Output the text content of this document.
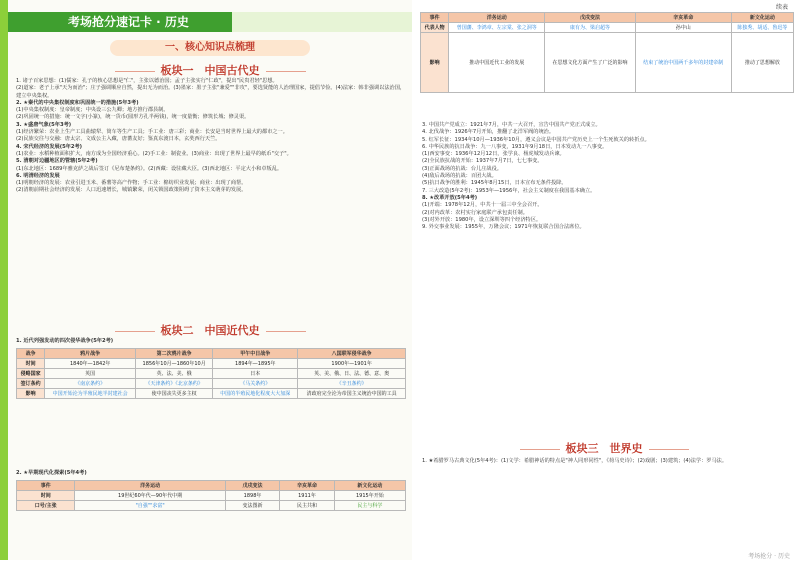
考场抢分速记卡 · 历史
一、核心知识点梳理
板块一　中国古代史
1. 诸子百家思想：(1)儒家：孔子的核心思想是"仁"，主张以德治国；孟子主张实行"仁政"，提出"民贵君轻"思想。
(2)道家：老子上承"天为而治"；庄子强调顺应自然，提出无为而治。(3)墨家：墨子主张"兼爱""非攻"，要选贤能的人治理国家，提倡节俭。(4)法家：韩非强调以法治国，建立中央集权。
2. ★秦代的中央集权制度和巩固统一的措施(5年3考)
(1)中央集权制度：皇帝制度；中央设三公九卿；地方推行郡县制。
(2)巩固统一的措施：统一文字(小篆)，统一货币(圆形方孔半两钱)，统一度量衡；修筑长城；修灵渠。
3. ★盛唐气象(5年3考)
(1)经济繁荣：农业上生产工具曲辕犁、筒车等生产工具；手工业：唐三彩；商业：长安是当时世界上最大的都市之一。
(2)民族交往与交融：唐太宗、文成公主入藏，唐蕃友好；鉴真东渡日本，玄奘西行天竺。
4. 宋代经济的发展(5年2考)
(1)农业：水稻种植面积扩大，南方成为全国经济重心。(2)手工业：制瓷业。(3)商业：出现了世界上最早的纸币"交子"。
5. 清朝对边疆地区的管辖(5年2考)
(1)东北地区：1689年雅克萨之战后签订《尼布楚条约》。(2)西藏：设驻藏大臣。(3)西北地区：平定大小和卓叛乱。
6. 明清经济的发展
(1)明朝经济的发展：农业引进玉米、番薯等高产作物；手工业：棉纺织业发展；商业：出现了商帮。
(2)清朝前期社会经济的发展：人口迅速增长，城镇繁荣，闭关锁国政策阻碍了资本主义萌芽的发展。
板块二　中国近代史
1. 近代列强发动的四次侵华战争(5年2考)
战争	鸦片战争	第二次鸦片战争	甲午中日战争	八国联军侵华战争
时间	1840年—1842年	1856年10月—1860年10月	1894年—1895年	1900年—1901年
侵略国家	英国	英、法、美、俄	日本	英、美、俄、日、法、德、意、奥
签订条约	《南京条约》	《天津条约》《北京条约》	《马关条约》	《辛丑条约》
影响	中国开始沦为半殖民地半封建社会	使中国丧失更多主权	中国的半殖民地化程度大大加深	清政府完全沦为帝国主义统治中国的工具
2. ★早期现代化探索(5年4考)
事件	洋务运动	戊戌变法	辛亥革命	新文化运动
时间	19世纪60年代—90年代中期	1898年	1911年	1915年开始
口号/主张	"自强""求富"	变法图新	民主共和	民主与科学
续表
事件	洋务运动	戊戌变法	辛亥革命	新文化运动
代表人物	曾国藩、李鸿章、左宗棠、张之洞等	康有为、梁启超等	孙中山	陈独秀、胡适、鲁迅等
影响	推动中国近代工业的发展	在思想文化方面产生了广泛的影响	结束了统治中国两千多年的封建帝制	推动了思想解放
3. 中国共产党成立：1921年7月，中共一大召开，宣告中国共产党正式成立。
4. 北伐战争：1926年7月开始，推翻了北洋军阀的统治。
5. 红军长征：1934年10月—1936年10月，遵义会议是中国共产党历史上一个生死攸关的转折点。
6. 中华民族的抗日战争：九一八事变，1931年9月18日，日本发动九一八事变。
(1)西安事变：1936年12月12日，张学良、杨虎城发动兵谏。
(2)全民族抗战的开始：1937年7月7日，七七事变。
(3)正面战场的抗战：台儿庄战役。
(4)敌后战场的抗战：百团大战。
(5)抗日战争的胜利：1945年8月15日，日本宣布无条件投降。
7. 三大改造(5年2考)：1953年—1956年，社会主义制度在我国基本确立。
8. ★改革开放(5年4考)
(1)开端：1978年12月，中共十一届三中全会召开。
(2)对内改革：农村实行家庭联产承包责任制。
(3)对外开放：1980年，设立深圳等四个经济特区。
9. 外交事业发展：1955年，万隆会议；1971年恢复联合国合法席位。
板块三　世界史
1. ★希腊罗马古典文化(5年4考)：(1)文学：希腊神话的特点是"神人同形同性"，《荷马史诗》；(2)戏剧；(3)建筑；(4)法学：罗马法。
考场抢分 · 历史
